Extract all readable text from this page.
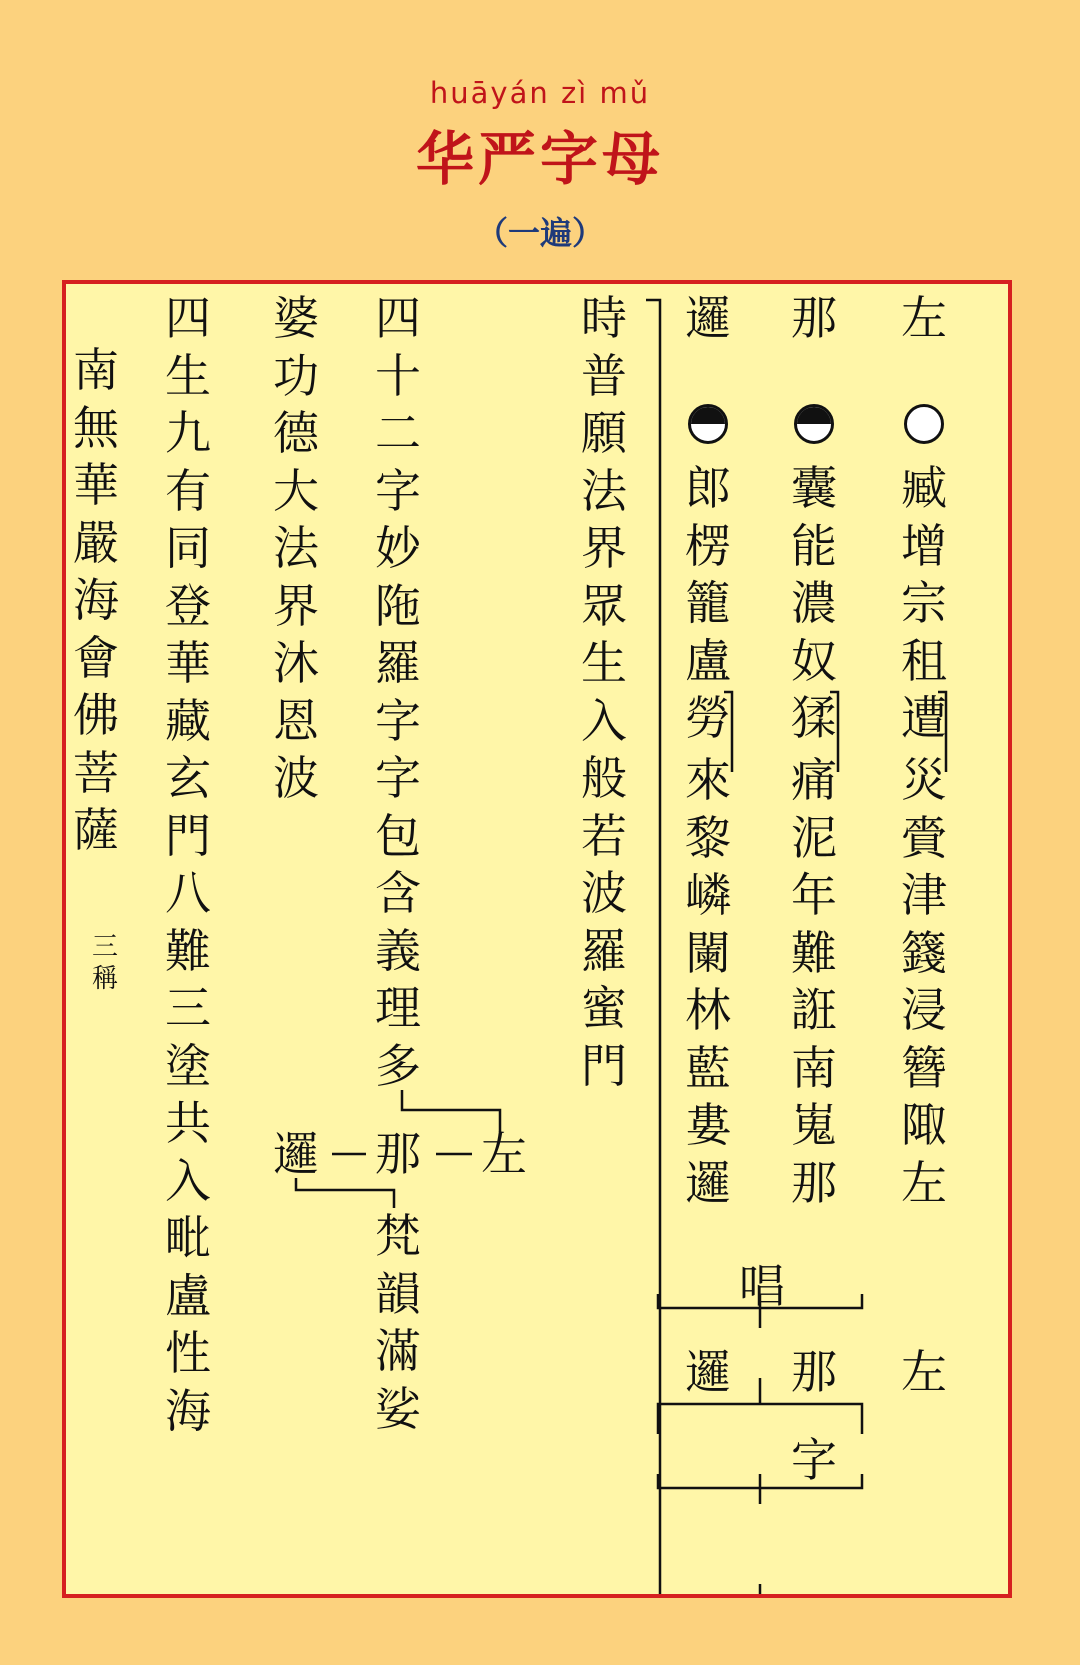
huāyán zì mǔ
华严字母
（一遍）
左
臧
增
宗
租
遭
災
賫
津
籛
浸
簪
陬
左
那
囊
能
濃
奴
猱
痛
泥
年
難
誑
南
嵬
那
邏
郎
楞
籠
盧
勞
來
黎
嶙
闌
林
藍
婁
邏
唱
左
那
邏
字
時
普
願
法
界
眾
生
入
般
若
波
羅
蜜
門
四
十
二
字
妙
陁
羅
字
字
包
含
義
理
多
婆
功
德
大
法
界
沐
恩
波
四
生
九
有
同
登
華
藏
玄
門
八
難
三
塗
共
入
毗
盧
性
海
南
無
華
嚴
海
會
佛
菩
薩
三
稱
左
那
邏
梵
韻
滿
娑
